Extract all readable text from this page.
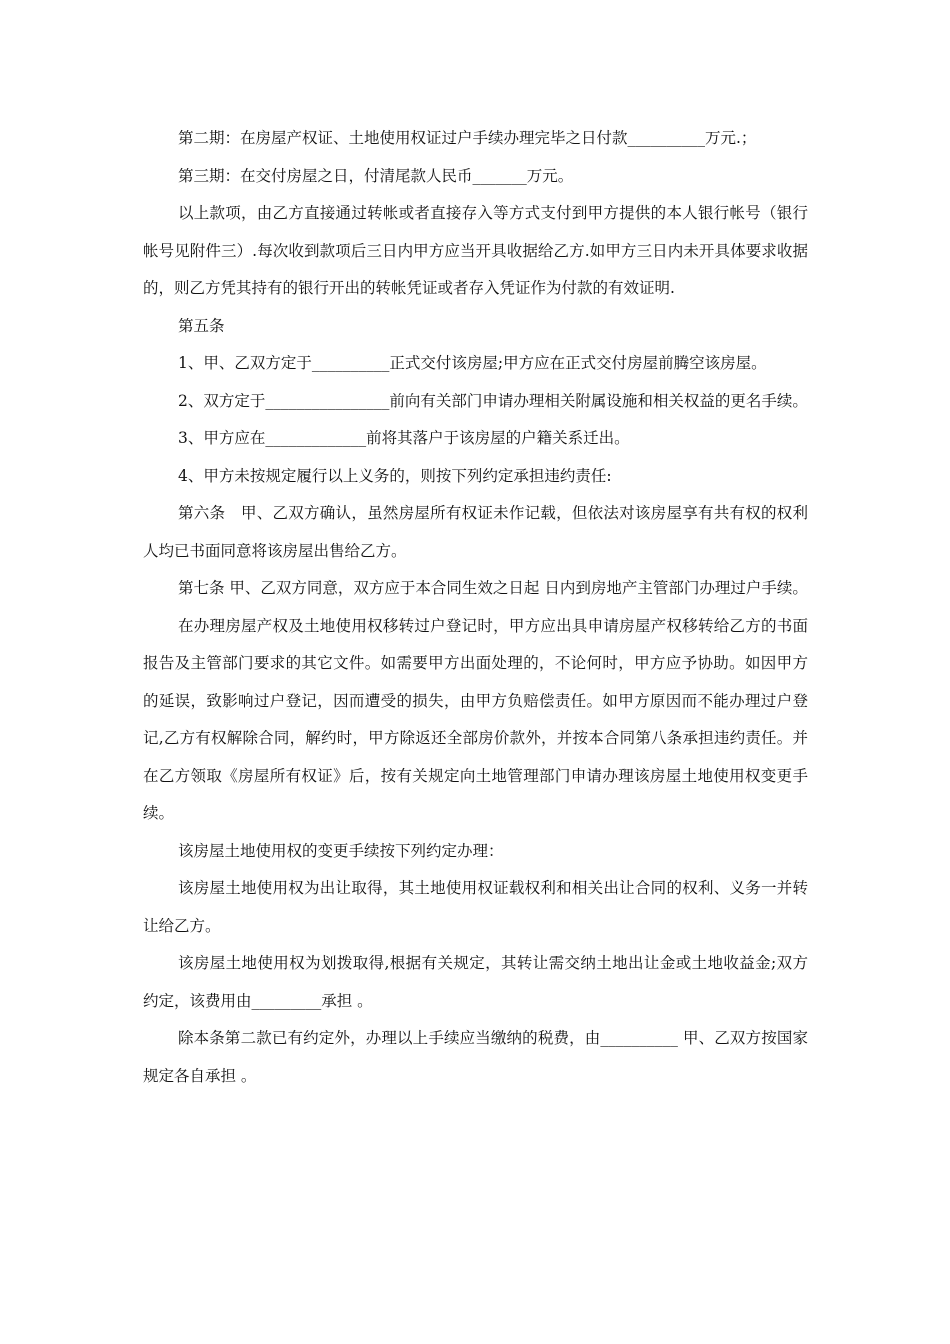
第二期：在房屋产权证、土地使用权证过户手续办理完毕之日付款__________万元.；

第三期：在交付房屋之日，付清尾款人民币_______万元。

以上款项，由乙方直接通过转帐或者直接存入等方式支付到甲方提供的本人银行帐号（银行帐号见附件三）.每次收到款项后三日内甲方应当开具收据给乙方.如甲方三日内未开具体要求收据的，则乙方凭其持有的银行开出的转帐凭证或者存入凭证作为付款的有效证明.

第五条

1、甲、乙双方定于__________正式交付该房屋;甲方应在正式交付房屋前腾空该房屋。

2、双方定于________________前向有关部门申请办理相关附属设施和相关权益的更名手续。

3、甲方应在_____________前将其落户于该房屋的户籍关系迁出。

4、甲方未按规定履行以上义务的，则按下列约定承担违约责任:

第六条　甲、乙双方确认，虽然房屋所有权证未作记载，但依法对该房屋享有共有权的权利人均已书面同意将该房屋出售给乙方。

第七条 甲、乙双方同意，双方应于本合同生效之日起 日内到房地产主管部门办理过户手续。

在办理房屋产权及土地使用权移转过户登记时，甲方应出具申请房屋产权移转给乙方的书面报告及主管部门要求的其它文件。如需要甲方出面处理的，不论何时，甲方应予协助。如因甲方的延误，致影响过户登记，因而遭受的损失，由甲方负赔偿责任。如甲方原因而不能办理过户登记,乙方有权解除合同，解约时，甲方除返还全部房价款外，并按本合同第八条承担违约责任。并在乙方领取《房屋所有权证》后，按有关规定向土地管理部门申请办理该房屋土地使用权变更手续。

该房屋土地使用权的变更手续按下列约定办理：

该房屋土地使用权为出让取得，其土地使用权证载权利和相关出让合同的权利、义务一并转让给乙方。

该房屋土地使用权为划拨取得,根据有关规定，其转让需交纳土地出让金或土地收益金;双方约定，该费用由_________承担 。

除本条第二款已有约定外，办理以上手续应当缴纳的税费，由__________ 甲、乙双方按国家规定各自承担 。
